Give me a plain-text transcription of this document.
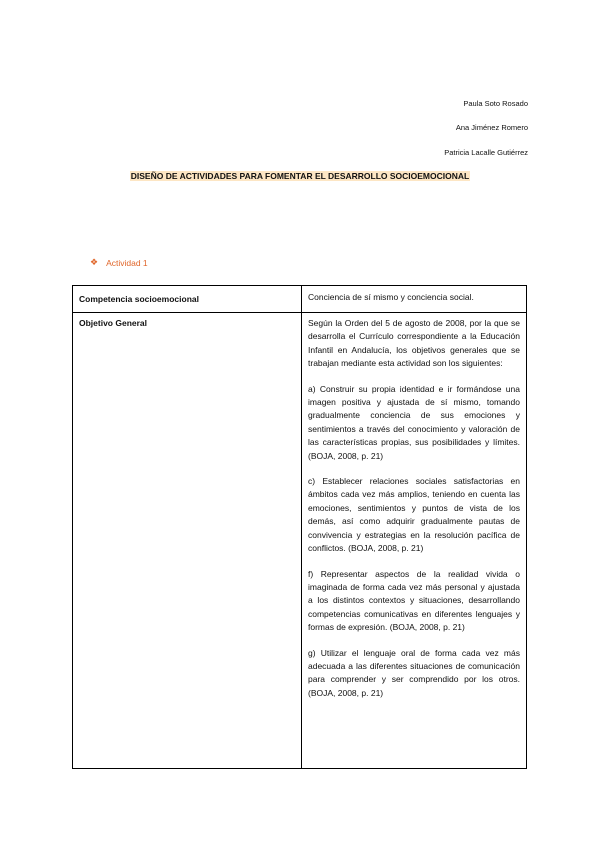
Paula Soto Rosado
Ana Jiménez Romero
Patricia Lacalle Gutiérrez
DISEÑO DE ACTIVIDADES PARA FOMENTAR EL DESARROLLO SOCIOEMOCIONAL
❖ Actividad 1
Competencia socioemocional	Conciencia de sí mismo y conciencia social.
Objetivo General	Según la Orden del 5 de agosto de 2008, por la que se desarrolla el Currículo correspondiente a la Educación Infantil en Andalucía, los objetivos generales que se trabajan mediante esta actividad son los siguientes:

a) Construir su propia identidad e ir formándose una imagen positiva y ajustada de sí mismo, tomando gradualmente conciencia de sus emociones y sentimientos a través del conocimiento y valoración de las características propias, sus posibilidades y límites. (BOJA, 2008, p. 21)

c) Establecer relaciones sociales satisfactorias en ámbitos cada vez más amplios, teniendo en cuenta las emociones, sentimientos y puntos de vista de los demás, así como adquirir gradualmente pautas de convivencia y estrategias en la resolución pacífica de conflictos. (BOJA, 2008, p. 21)

f) Representar aspectos de la realidad vivida o imaginada de forma cada vez más personal y ajustada a los distintos contextos y situaciones, desarrollando competencias comunicativas en diferentes lenguajes y formas de expresión. (BOJA, 2008, p. 21)

g) Utilizar el lenguaje oral de forma cada vez más adecuada a las diferentes situaciones de comunicación para comprender y ser comprendido por los otros. (BOJA, 2008, p. 21)
